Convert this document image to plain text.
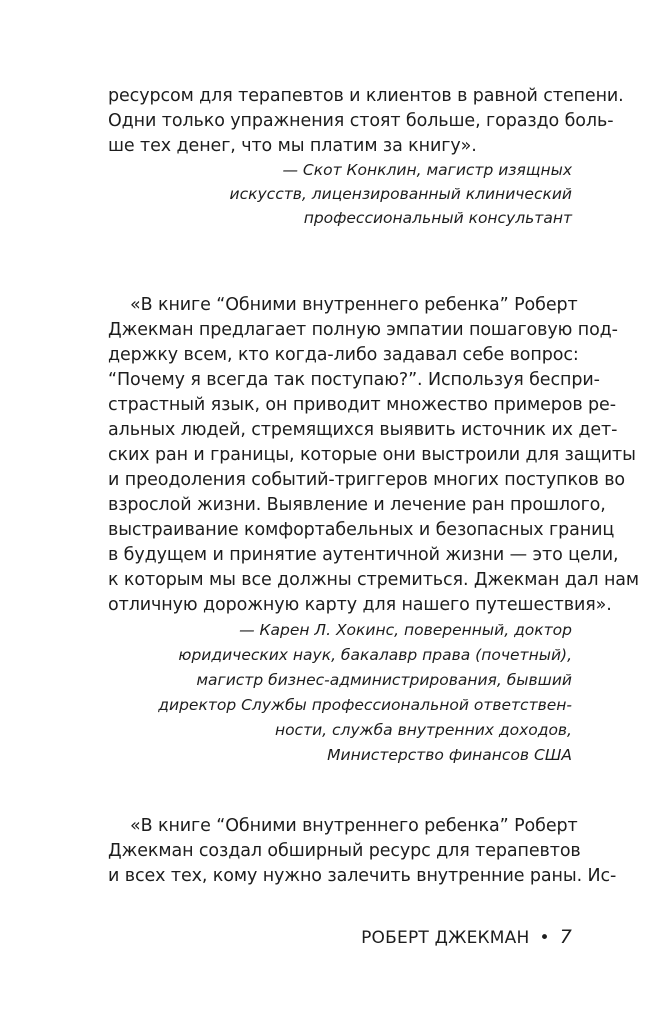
ресурсом для терапевтов и клиентов в равной степени.
Одни только упражнения стоят больше, гораздо боль-
ше тех денег, что мы платим за книгу».
— Скот Конклин, магистр изящных
искусств, лицензированный клинический
профессиональный консультант
«В книге “Обними внутреннего ребенка” Роберт
Джекман предлагает полную эмпатии пошаговую под-
держку всем, кто когда-либо задавал себе вопрос:
“Почему я всегда так поступаю?”. Используя беспри-
страстный язык, он приводит множество примеров ре-
альных людей, стремящихся выявить источник их дет-
ских ран и границы, которые они выстроили для защиты
и преодоления событий-триггеров многих поступков во
взрослой жизни. Выявление и лечение ран прошлого,
выстраивание комфортабельных и безопасных границ
в будущем и принятие аутентичной жизни — это цели,
к которым мы все должны стремиться. Джекман дал нам
отличную дорожную карту для нашего путешествия».
— Карен Л. Хокинс, поверенный, доктор
юридических наук, бакалавр права (почетный),
магистр бизнес-администрирования, бывший
директор Службы профессиональной ответствен-
ности, служба внутренних доходов,
Министерство финансов США
«В книге “Обними внутреннего ребенка” Роберт
Джекман создал обширный ресурс для терапевтов
и всех тех, кому нужно залечить внутренние раны. Ис-
РОБЕРТ ДЖЕКМАН • 7
